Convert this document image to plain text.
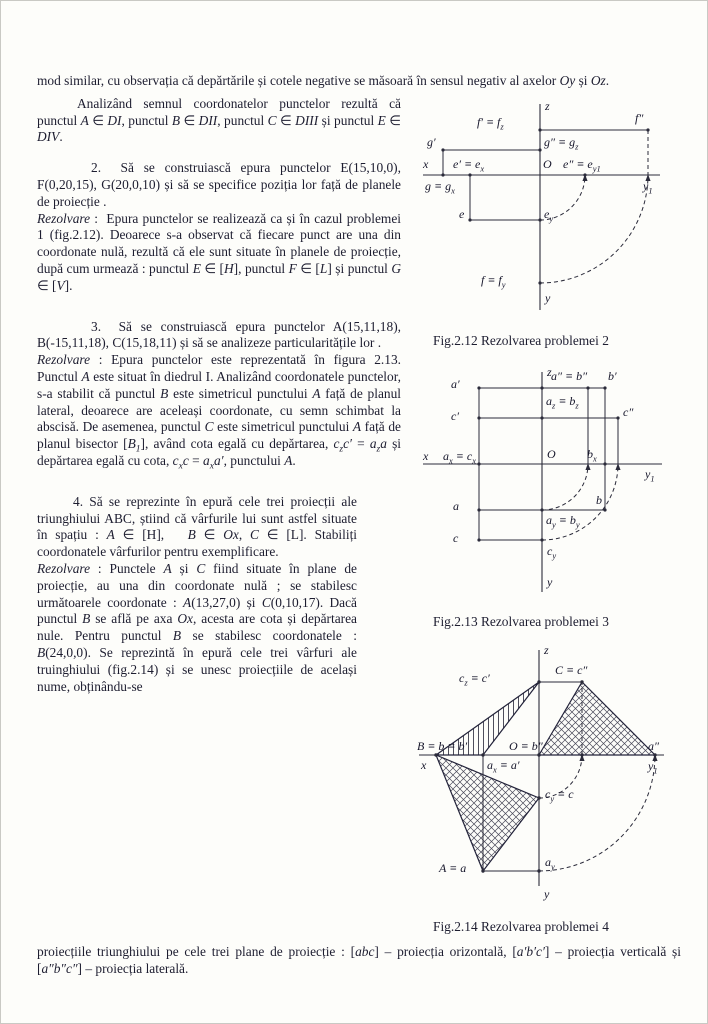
mod similar, cu observația că depărtările și cotele negative se măsoară în sensul negativ al axelor Oy și Oz.

Analizând semnul coordonatelor punctelor rezultă că punctul A ∈ DI, punctul B ∈ DII, punctul C ∈ DIII și punctul E ∈ DIV.

2.  Să se construiască epura punctelor E(15,10,0), F(0,20,15), G(20,0,10) și să se specifice poziția lor față de planele de proiecție .

Rezolvare :  Epura punctelor se realizează ca și în cazul problemei 1 (fig.2.12). Deoarece s-a observat că fiecare punct are una din coordonate nulă, rezultă că ele sunt situate în planele de proiecție, după cum urmează : punctul E ∈ [H], punctul F ∈ [L] și punctul G ∈ [V].

3.  Să se construiască epura punctelor A(15,11,18), B(-15,11,18), C(15,18,11) și să se analizeze particularitățile lor .

Rezolvare : Epura punctelor este reprezentată în figura 2.13. Punctul A este situat în diedrul I. Analizând coordonatele punctelor, s-a stabilit că punctul B este simetricul punctului A față de planul lateral, deoarece are aceleași coordonate, cu semn schimbat la abscisă. De asemenea, punctul C este simetricul punctului A față de planul bisector $[B_1]$, având cota egală cu depărtarea, $c_zc' = a_za$ și depărtarea egală cu cota, $c_xc = a_xa'$, punctului A.

4. Să se reprezinte în epură cele trei proiecții ale triunghiului ABC, știind că vârfurile lui sunt astfel situate în spațiu : A ∈ [H],   B ∈ Ox, C ∈ [L]. Stabiliți coordonatele vârfurilor pentru exemplificare.

Rezolvare : Punctele A și C fiind situate în plane de proiecție, au una din coordonate nulă ; se stabilesc următoarele coordonate : A(13,27,0) și C(0,10,17). Dacă punctul B se află pe axa Ox, acesta are cota și depărtarea nule. Pentru punctul B se stabilesc coordonatele : B(24,0,0). Se reprezintă în epură cele trei vârfuri ale truinghiului (fig.2.14) și se unesc proiecțiile de același nume, obținându-se

z
x
$y_1$
y
$f' \equiv f_z$
f″
g′	$g'' \equiv g_z$
$e' \equiv e_x$	O $e'' \equiv e_{y1}$
$g \equiv g_x$
e	$e_y$
$f \equiv f_y$
Fig.2.12 Rezolvarea problemei 2
z
x
$y_1$
y
a′
a″ ≡ b″ b′
$a_z \equiv b_z$
c′	c″
$a_x \equiv c_x$	O	$b_x$
a	b
$a_y \equiv b_y$
c
$c_y$
Fig.2.13 Rezolvarea problemei 3
z
x	$y_1$
y
$c_z \equiv c'$
C ≡ c″
B ≡ b ≡ b′	O ≡ b″	a″
$a_x \equiv a'$
$c_y \equiv c$
A ≡ a	$a_y$
Fig.2.14 Rezolvarea problemei 4

proiecțiile triunghiului pe cele trei plane de proiecție : [abc] – proiecția orizontală, [a′b′c′] – proiecția verticală și [a″b″c″] – proiecția laterală.
